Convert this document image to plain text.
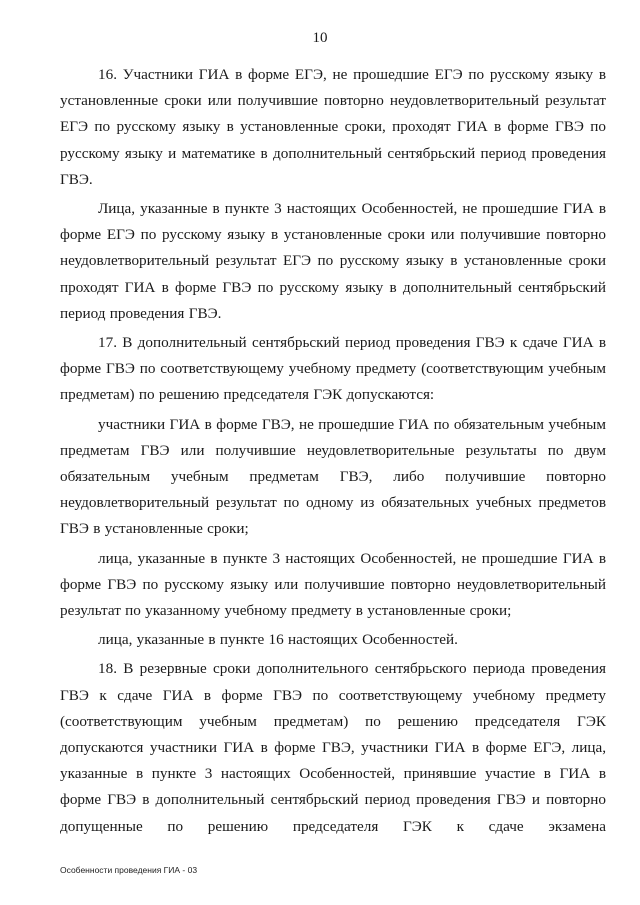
10

16. Участники ГИА в форме ЕГЭ, не прошедшие ЕГЭ по русскому языку в установленные сроки или получившие повторно неудовлетворительный результат ЕГЭ по русскому языку в установленные сроки, проходят ГИА в форме ГВЭ по русскому языку и математике в дополнительный сентябрьский период проведения ГВЭ.

Лица, указанные в пункте 3 настоящих Особенностей, не прошедшие ГИА в форме ЕГЭ по русскому языку в установленные сроки или получившие повторно неудовлетворительный результат ЕГЭ по русскому языку в установленные сроки проходят ГИА в форме ГВЭ по русскому языку в дополнительный сентябрьский период проведения ГВЭ.

17. В дополнительный сентябрьский период проведения ГВЭ к сдаче ГИА в форме ГВЭ по соответствующему учебному предмету (соответствующим учебным предметам) по решению председателя ГЭК допускаются:

участники ГИА в форме ГВЭ, не прошедшие ГИА по обязательным учебным предметам ГВЭ или получившие неудовлетворительные результаты по двум обязательным учебным предметам ГВЭ, либо получившие повторно неудовлетворительный результат по одному из обязательных учебных предметов ГВЭ в установленные сроки;

лица, указанные в пункте 3 настоящих Особенностей, не прошедшие ГИА в форме ГВЭ по русскому языку или получившие повторно неудовлетворительный результат по указанному учебному предмету в установленные сроки;

лица, указанные в пункте 16 настоящих Особенностей.

18. В резервные сроки дополнительного сентябрьского периода проведения ГВЭ к сдаче ГИА в форме ГВЭ по соответствующему учебному предмету (соответствующим учебным предметам) по решению председателя ГЭК допускаются участники ГИА в форме ГВЭ, участники ГИА в форме ЕГЭ, лица, указанные в пункте 3 настоящих Особенностей, принявшие участие в ГИА в форме ГВЭ в дополнительный сентябрьский период проведения ГВЭ и повторно допущенные по решению председателя ГЭК к сдаче экзамена

Особенности проведения ГИА - 03
